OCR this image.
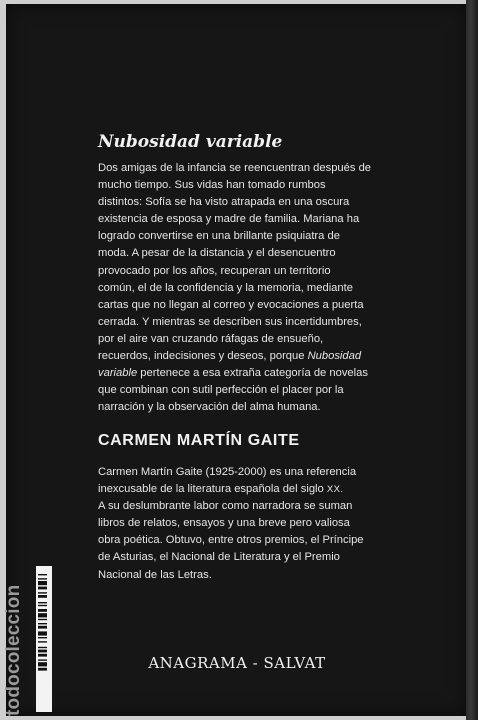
Nubosidad variable

Dos amigas de la infancia se reencuentran después de
mucho tiempo. Sus vidas han tomado rumbos
distintos: Sofía se ha visto atrapada en una oscura
existencia de esposa y madre de familia. Mariana ha
logrado convertirse en una brillante psiquiatra de
moda. A pesar de la distancia y el desencuentro
provocado por los años, recuperan un territorio
común, el de la confidencia y la memoria, mediante
cartas que no llegan al correo y evocaciones a puerta
cerrada. Y mientras se describen sus incertidumbres,
por el aire van cruzando ráfagas de ensueño,
recuerdos, indecisiones y deseos, porque Nubosidad
variable pertenece a esa extraña categoría de novelas
que combinan con sutil perfección el placer por la
narración y la observación del alma humana.

CARMEN MARTÍN GAITE

Carmen Martín Gaite (1925-2000) es una referencia
inexcusable de la literatura española del siglo XX.
A su deslumbrante labor como narradora se suman
libros de relatos, ensayos y una breve pero valiosa
obra poética. Obtuvo, entre otros premios, el Príncipe
de Asturias, el Nacional de Literatura y el Premio
Nacional de las Letras.

ANAGRAMA - SALVAT
todocoleccion
